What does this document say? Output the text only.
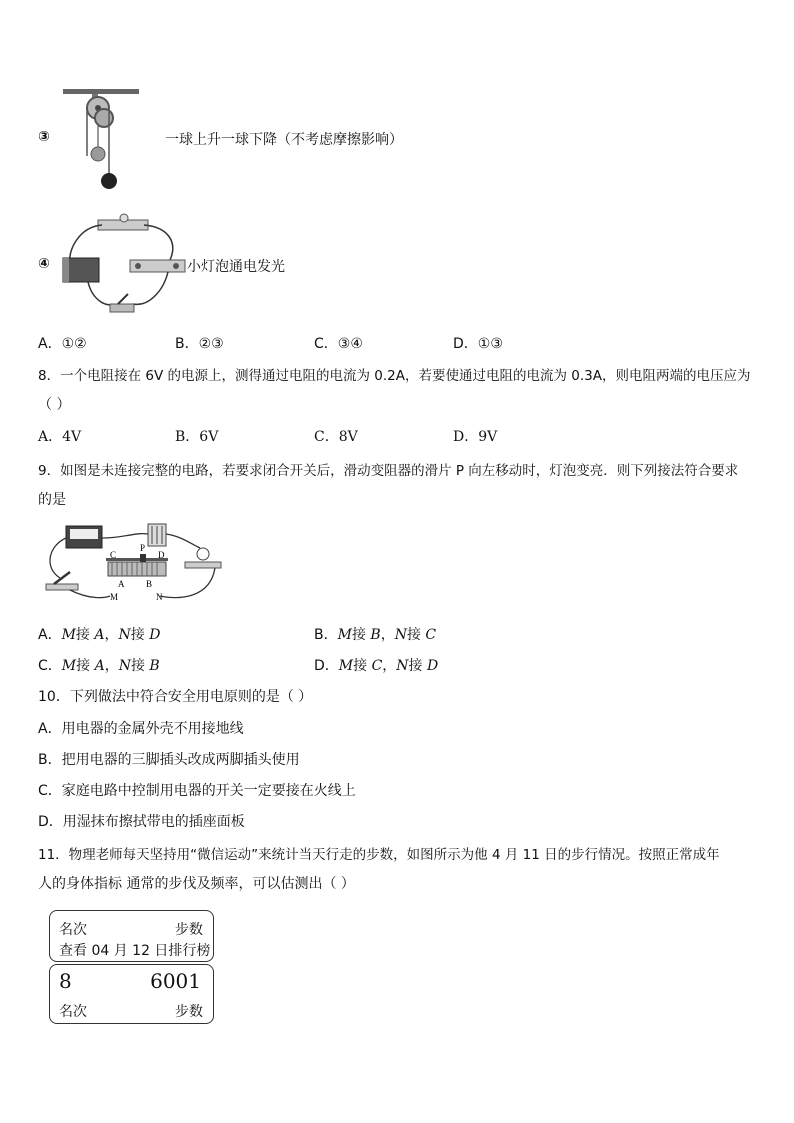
③	一球上升一球下降（不考虑摩擦影响）
④	小灯泡通电发光
A．①②	B．②③	C．③④	D．①③
8．一个电阻接在 6V 的电源上，测得通过电阻的电流为 0.2A，若要使通过电阻的电流为 0.3A，则电阻两端的电压应为
（ ）
A．4V	B．6V	C．8V	D．9V
9．如图是未连接完整的电路，若要求闭合开关后，滑动变阻器的滑片 P 向左移动时，灯泡变亮．则下列接法符合要求
的是
C
P
D
A B
M	N
A．M接 A，N接 D	B．M接 B，N接 C
C．M接 A，N接 B	D．M接 C，N接 D
10．下列做法中符合安全用电原则的是（ ）
A．用电器的金属外壳不用接地线
B．把用电器的三脚插头改成两脚插头使用
C．家庭电路中控制用电器的开关一定要接在火线上
D．用湿抹布擦拭带电的插座面板
11．物理老师每天坚持用“微信运动”来统计当天行走的步数，如图所示为他 4 月 11 日的步行情况。按照正常成年
人的身体指标 通常的步伐及频率，可以估测出（ ）
名次	步数
查看 04 月 12 日排行榜
8	6001
名次	步数
